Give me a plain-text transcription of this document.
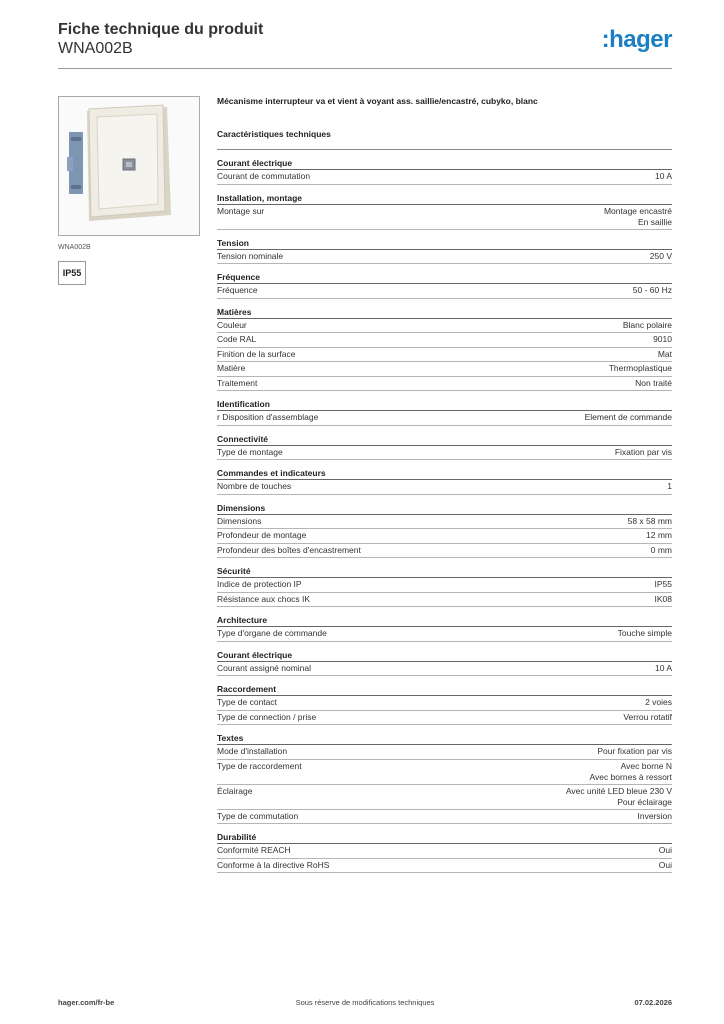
Fiche technique du produit
WNA002B	:hager
WNA002B
IP55
Mécanisme interrupteur va et vient à voyant ass. saillie/encastré, cubyko, blanc
Caractéristiques techniques
Courant électrique
Courant de commutation	10 A
Installation, montage
Montage sur	Montage encastré
En saillie
Tension
Tension nominale	250 V
Fréquence
Fréquence	50 - 60 Hz
Matières
Couleur	Blanc polaire
Code RAL	9010
Finition de la surface	Mat
Matière	Thermoplastique
Traitement	Non traité
Identification
r Disposition d'assemblage	Element de commande
Connectivité
Type de montage	Fixation par vis
Commandes et indicateurs
Nombre de touches	1
Dimensions
Dimensions	58 x 58 mm
Profondeur de montage	12 mm
Profondeur des boîtes d'encastrement	0 mm
Sécurité
Indice de protection IP	IP55
Résistance aux chocs IK	IK08
Architecture
Type d'organe de commande	Touche simple
Courant électrique
Courant assigné nominal	10 A
Raccordement
Type de contact	2 voies
Type de connection / prise	Verrou rotatif
Textes
Mode d'installation	Pour fixation par vis
Type de raccordement	Avec borne N
Avec bornes à ressort
Éclairage	Avec unité LED bleue 230 V
Pour éclairage
Type de commutation	Inversion
Durabilité
Conformité REACH	Oui
Conforme à la directive RoHS	Oui
hager.com/fr-be	Sous réserve de modifications techniques	07.02.2026
